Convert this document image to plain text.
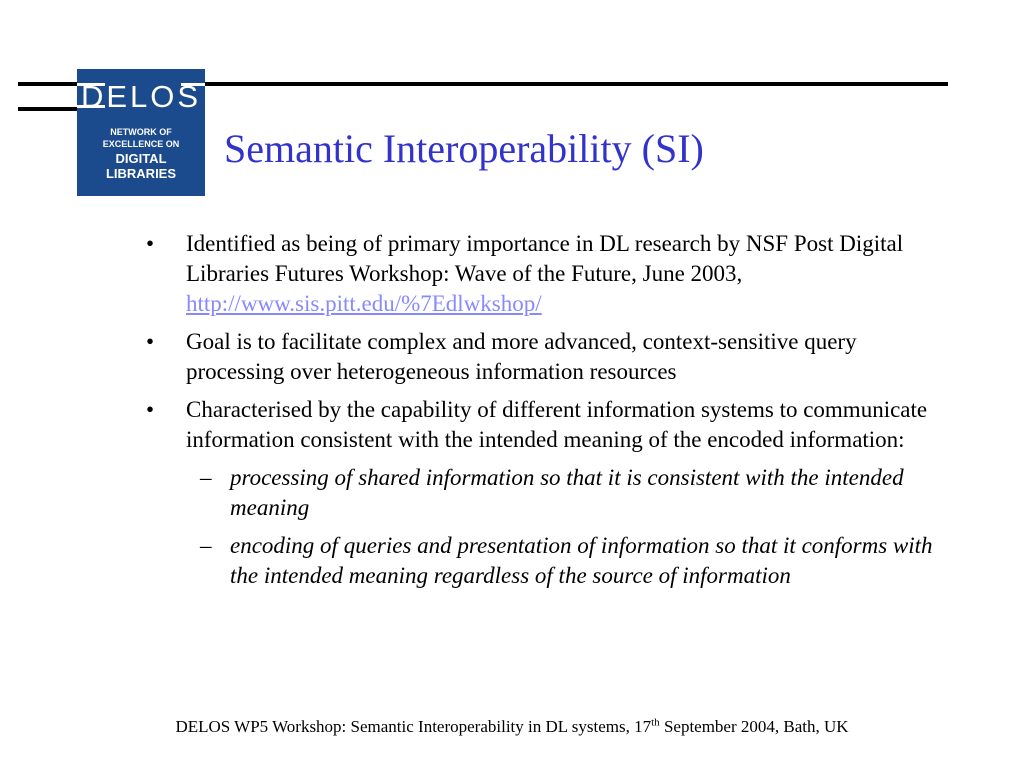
DELOS
NETWORK OF
EXCELLENCE ON
DIGITAL
LIBRARIES
Semantic Interoperability (SI)
• Identified as being of primary importance in DL research by NSF Post Digital Libraries Futures Workshop: Wave of the Future, June 2003, http://www.sis.pitt.edu/%7Edlwkshop/
• Goal is to facilitate complex and more advanced, context-sensitive query processing over heterogeneous information resources
• Characterised by the capability of different information systems to communicate information consistent with the intended meaning of the encoded information:
– processing of shared information so that it is consistent with the intended meaning
– encoding of queries and presentation of information so that it conforms with the intended meaning regardless of the source of information
DELOS WP5 Workshop: Semantic Interoperability in DL systems, 17th September 2004, Bath, UK
